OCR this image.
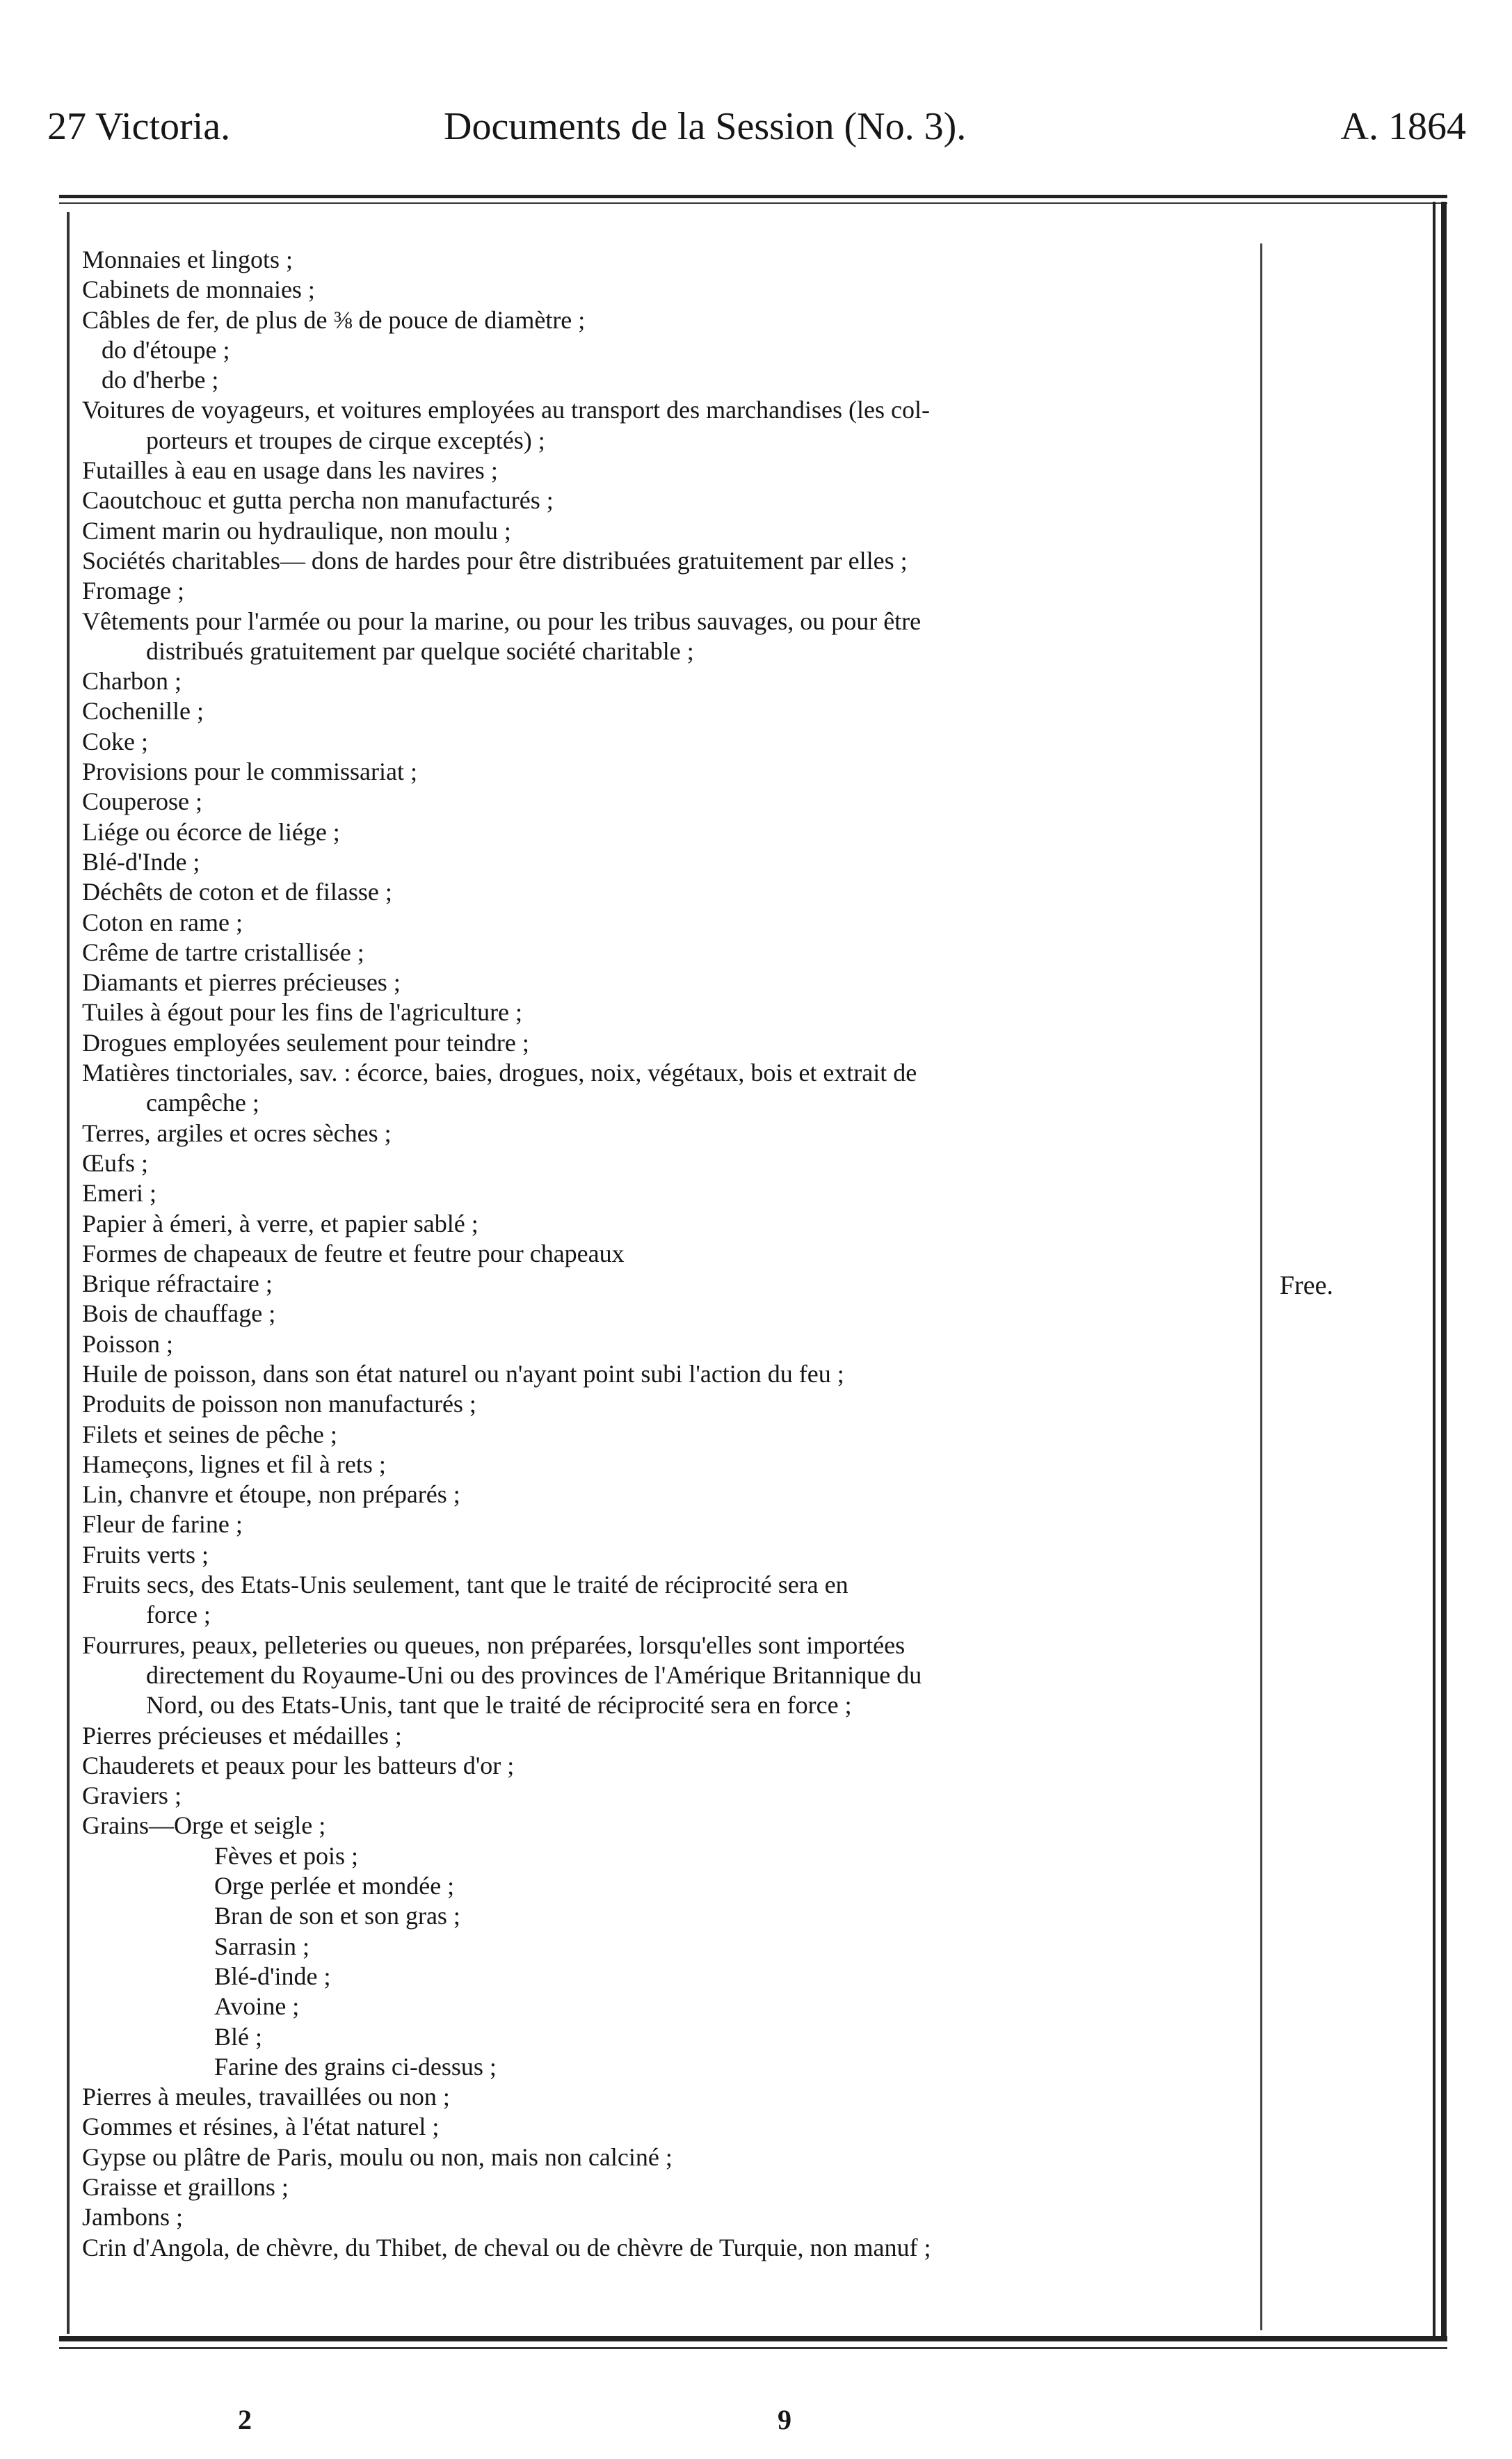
27 Victoria.	Documents de la Session (No. 3).	A. 1864
Monnaies et lingots ;
Cabinets de monnaies ;
Câbles de fer, de plus de ⅜ de pouce de diamètre ;
do d'étoupe ;
do d'herbe ;
Voitures de voyageurs, et voitures employées au transport des marchandises (les col-
porteurs et troupes de cirque exceptés) ;
Futailles à eau en usage dans les navires ;
Caoutchouc et gutta percha non manufacturés ;
Ciment marin ou hydraulique, non moulu ;
Sociétés charitables— dons de hardes pour être distribuées gratuitement par elles ;
Fromage ;
Vêtements pour l'armée ou pour la marine, ou pour les tribus sauvages, ou pour être
distribués gratuitement par quelque société charitable ;
Charbon ;
Cochenille ;
Coke ;
Provisions pour le commissariat ;
Couperose ;
Liége ou écorce de liége ;
Blé-d'Inde ;
Déchêts de coton et de filasse ;
Coton en rame ;
Crême de tartre cristallisée ;
Diamants et pierres précieuses ;
Tuiles à égout pour les fins de l'agriculture ;
Drogues employées seulement pour teindre ;
Matières tinctoriales, sav. : écorce, baies, drogues, noix, végétaux, bois et extrait de
campêche ;
Terres, argiles et ocres sèches ;
Œufs ;
Emeri ;
Papier à émeri, à verre, et papier sablé ;
Formes de chapeaux de feutre et feutre pour chapeaux
Brique réfractaire ;
Bois de chauffage ;
Poisson ;
Huile de poisson, dans son état naturel ou n'ayant point subi l'action du feu ;
Produits de poisson non manufacturés ;
Filets et seines de pêche ;
Hameçons, lignes et fil à rets ;
Lin, chanvre et étoupe, non préparés ;
Fleur de farine ;
Fruits verts ;
Fruits secs, des Etats-Unis seulement, tant que le traité de réciprocité sera en
force ;
Fourrures, peaux, pelleteries ou queues, non préparées, lorsqu'elles sont importées
directement du Royaume-Uni ou des provinces de l'Amérique Britannique du
Nord, ou des Etats-Unis, tant que le traité de réciprocité sera en force ;
Pierres précieuses et médailles ;
Chauderets et peaux pour les batteurs d'or ;
Graviers ;
Grains—Orge et seigle ;
Fèves et pois ;
Orge perlée et mondée ;
Bran de son et son gras ;
Sarrasin ;
Blé-d'inde ;
Avoine ;
Blé ;
Farine des grains ci-dessus ;
Pierres à meules, travaillées ou non ;
Gommes et résines, à l'état naturel ;
Gypse ou plâtre de Paris, moulu ou non, mais non calciné ;
Graisse et graillons ;
Jambons ;
Crin d'Angola, de chèvre, du Thibet, de cheval ou de chèvre de Turquie, non manuf ;
Free.
2	9
